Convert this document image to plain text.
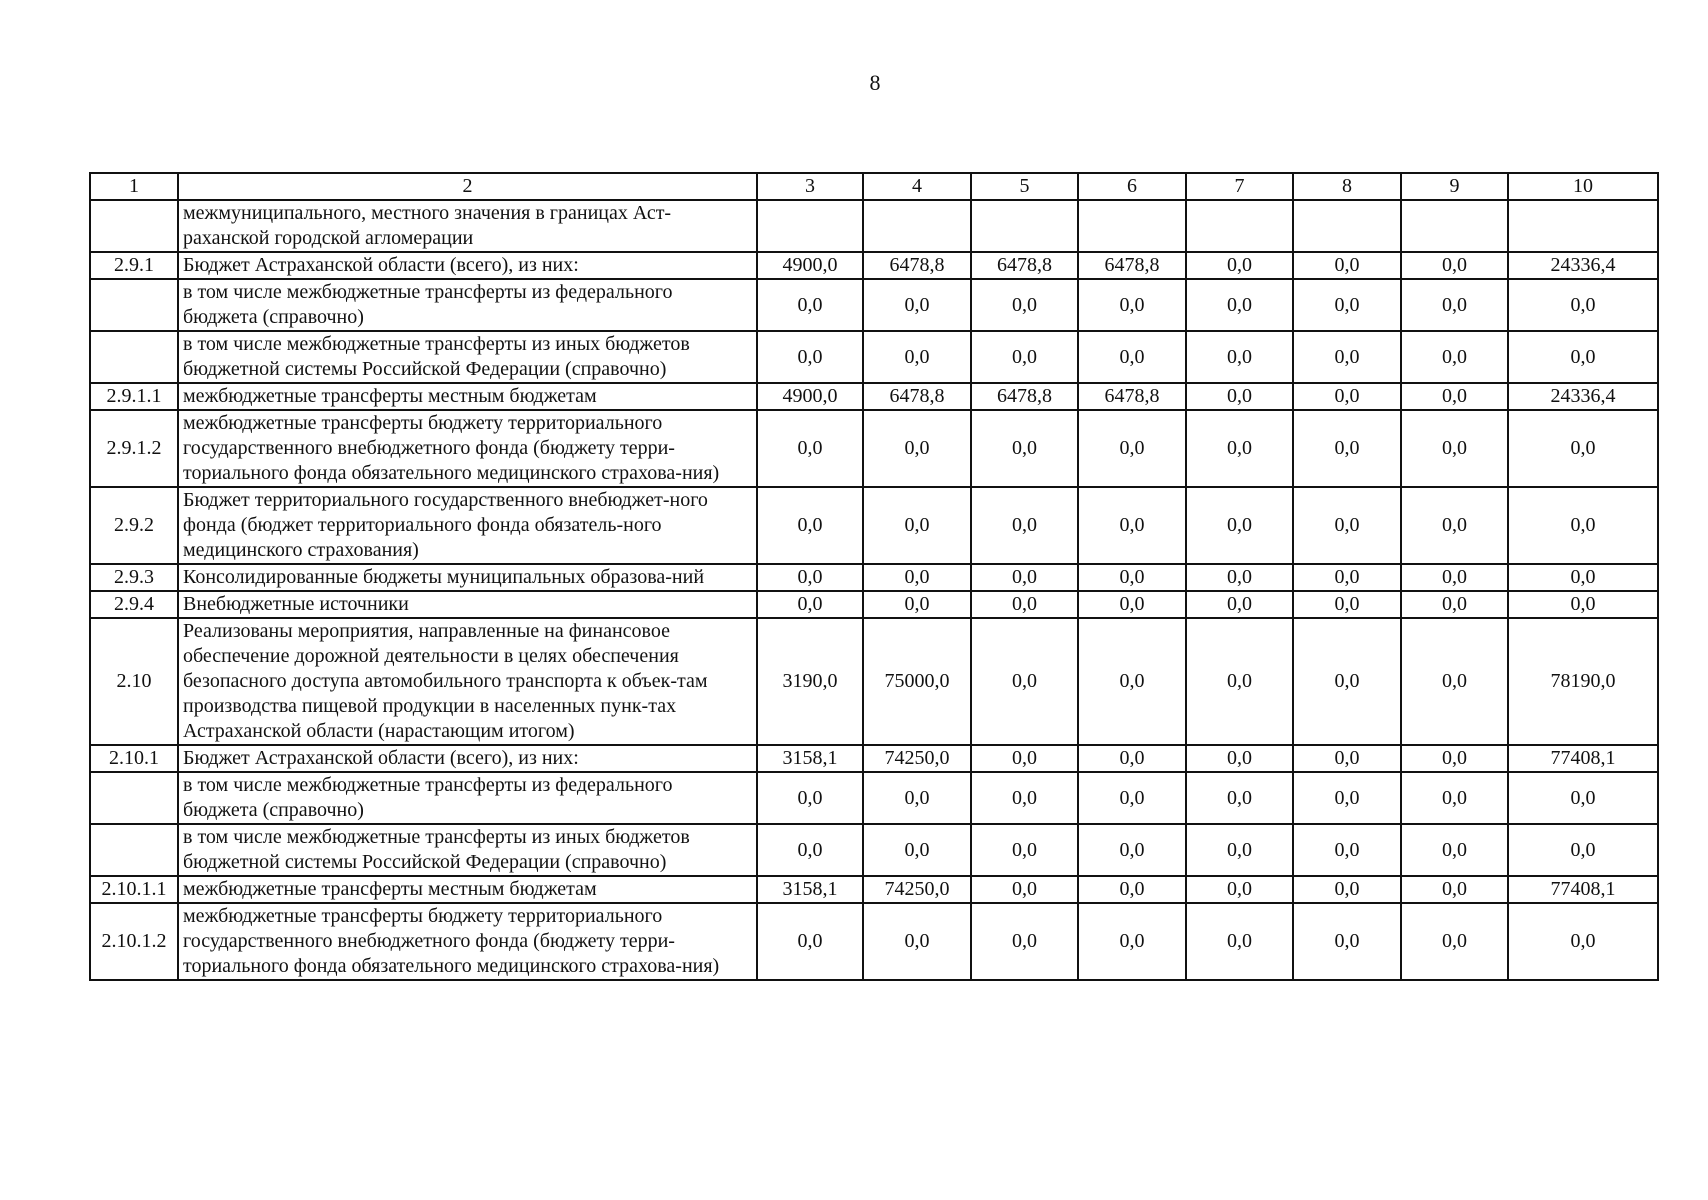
8
1	2	3	4	5	6	7	8	9	10
	межмуниципального, местного значения в границах Аст-раханской городской агломерации								
2.9.1	Бюджет Астраханской области (всего), из них:	4900,0	6478,8	6478,8	6478,8	0,0	0,0	0,0	24336,4
	в том числе межбюджетные трансферты из федерального бюджета (справочно)	0,0	0,0	0,0	0,0	0,0	0,0	0,0	0,0
	в том числе межбюджетные трансферты из иных бюджетов бюджетной системы Российской Федерации (справочно)	0,0	0,0	0,0	0,0	0,0	0,0	0,0	0,0
2.9.1.1	межбюджетные трансферты местным бюджетам	4900,0	6478,8	6478,8	6478,8	0,0	0,0	0,0	24336,4
2.9.1.2	межбюджетные трансферты бюджету территориального государственного внебюджетного фонда (бюджету терри-ториального фонда обязательного медицинского страхова-ния)	0,0	0,0	0,0	0,0	0,0	0,0	0,0	0,0
2.9.2	Бюджет территориального государственного внебюджет-ного фонда (бюджет территориального фонда обязатель-ного медицинского страхования)	0,0	0,0	0,0	0,0	0,0	0,0	0,0	0,0
2.9.3	Консолидированные бюджеты муниципальных образова-ний	0,0	0,0	0,0	0,0	0,0	0,0	0,0	0,0
2.9.4	Внебюджетные источники	0,0	0,0	0,0	0,0	0,0	0,0	0,0	0,0
2.10	Реализованы мероприятия, направленные на финансовое обеспечение дорожной деятельности в целях обеспечения безопасного доступа автомобильного транспорта к объек-там производства пищевой продукции в населенных пунк-тах Астраханской области (нарастающим итогом)	3190,0	75000,0	0,0	0,0	0,0	0,0	0,0	78190,0
2.10.1	Бюджет Астраханской области (всего), из них:	3158,1	74250,0	0,0	0,0	0,0	0,0	0,0	77408,1
	в том числе межбюджетные трансферты из федерального бюджета (справочно)	0,0	0,0	0,0	0,0	0,0	0,0	0,0	0,0
	в том числе межбюджетные трансферты из иных бюджетов бюджетной системы Российской Федерации (справочно)	0,0	0,0	0,0	0,0	0,0	0,0	0,0	0,0
2.10.1.1	межбюджетные трансферты местным бюджетам	3158,1	74250,0	0,0	0,0	0,0	0,0	0,0	77408,1
2.10.1.2	межбюджетные трансферты бюджету территориального государственного внебюджетного фонда (бюджету терри-ториального фонда обязательного медицинского страхова-ния)	0,0	0,0	0,0	0,0	0,0	0,0	0,0	0,0
